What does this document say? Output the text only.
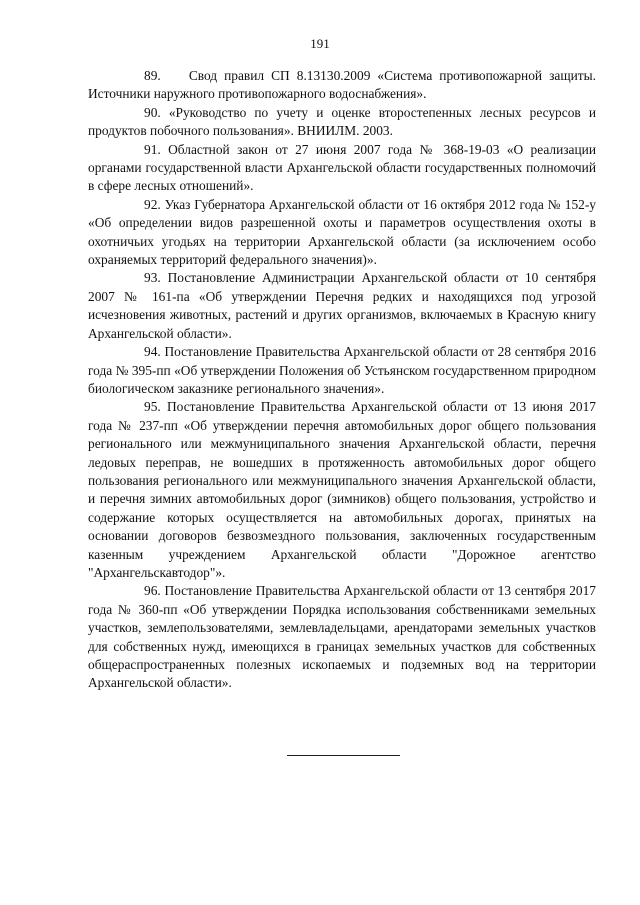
191

89.    Свод правил СП 8.13130.2009 «Система противопожарной защиты. Источники наружного противопожарного водоснабжения».

90. «Руководство по учету и оценке второстепенных лесных ресурсов и продуктов побочного пользования». ВНИИЛМ. 2003.

91. Областной закон от 27 июня 2007 года № 368-19-03 «О реализации органами государственной власти Архангельской области государственных полномочий в сфере лесных отношений».

92. Указ Губернатора Архангельской области от 16 октября 2012 года № 152-у «Об определении видов разрешенной охоты и параметров осуществления охоты в охотничьих угодьях на территории Архангельской области (за исключением особо охраняемых территорий федерального значения)».

93. Постановление Администрации Архангельской области от 10 сентября 2007 № 161-па «Об утверждении Перечня редких и находящихся под угрозой исчезновения животных, растений и других организмов, включаемых в Красную книгу Архангельской области».

94. Постановление Правительства Архангельской области от 28 сентября 2016 года № 395-пп «Об утверждении Положения об Устьянском государственном природном биологическом заказнике регионального значения».

95. Постановление Правительства Архангельской области от 13 июня 2017 года № 237-пп «Об утверждении перечня автомобильных дорог общего пользования регионального или межмуниципального значения Архангельской области, перечня ледовых переправ, не вошедших в протяженность автомобильных дорог общего пользования регионального или межмуниципального значения Архангельской области, и перечня зимних автомобильных дорог (зимников) общего пользования, устройство и содержание которых осуществляется на автомобильных дорогах, принятых на основании договоров безвозмездного пользования, заключенных государственным казенным учреждением Архангельской области "Дорожное агентство "Архангельскавтодор"».

96. Постановление Правительства Архангельской области от 13 сентября 2017 года № 360-пп «Об утверждении Порядка использования собственниками земельных участков, землепользователями, землевладельцами, арендаторами земельных участков для собственных нужд, имеющихся в границах земельных участков для собственных общераспространенных полезных ископаемых и подземных вод на территории Архангельской области».
